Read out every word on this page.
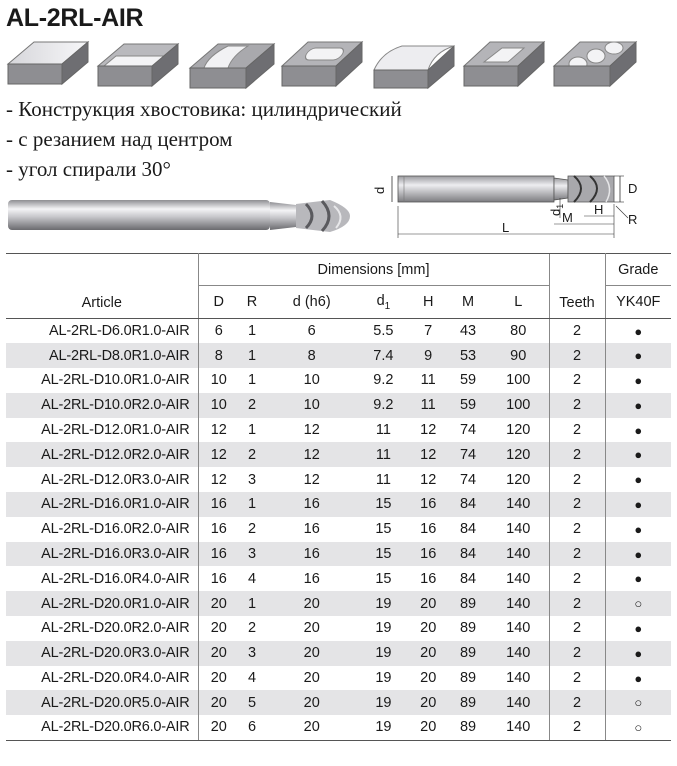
AL-2RL-AIR
- Конструкция хвостовика: цилиндрический
- с резанием над центром
- угол спирали 30°
d	D
$d_1$
M
H
R
L
Article	Dimensions [mm]								Grade
	D	R	d (h6)	$d_1$	H	M	L	Teeth	YK40F
AL-2RL-D6.0R1.0-AIR	6	1	6	5.5	7	43	80	2	●
AL-2RL-D8.0R1.0-AIR	8	1	8	7.4	9	53	90	2	●
AL-2RL-D10.0R1.0-AIR	10	1	10	9.2	11	59	100	2	●
AL-2RL-D10.0R2.0-AIR	10	2	10	9.2	11	59	100	2	●
AL-2RL-D12.0R1.0-AIR	12	1	12	11	12	74	120	2	●
AL-2RL-D12.0R2.0-AIR	12	2	12	11	12	74	120	2	●
AL-2RL-D12.0R3.0-AIR	12	3	12	11	12	74	120	2	●
AL-2RL-D16.0R1.0-AIR	16	1	16	15	16	84	140	2	●
AL-2RL-D16.0R2.0-AIR	16	2	16	15	16	84	140	2	●
AL-2RL-D16.0R3.0-AIR	16	3	16	15	16	84	140	2	●
AL-2RL-D16.0R4.0-AIR	16	4	16	15	16	84	140	2	●
AL-2RL-D20.0R1.0-AIR	20	1	20	19	20	89	140	2	○
AL-2RL-D20.0R2.0-AIR	20	2	20	19	20	89	140	2	●
AL-2RL-D20.0R3.0-AIR	20	3	20	19	20	89	140	2	●
AL-2RL-D20.0R4.0-AIR	20	4	20	19	20	89	140	2	●
AL-2RL-D20.0R5.0-AIR	20	5	20	19	20	89	140	2	○
AL-2RL-D20.0R6.0-AIR	20	6	20	19	20	89	140	2	○
